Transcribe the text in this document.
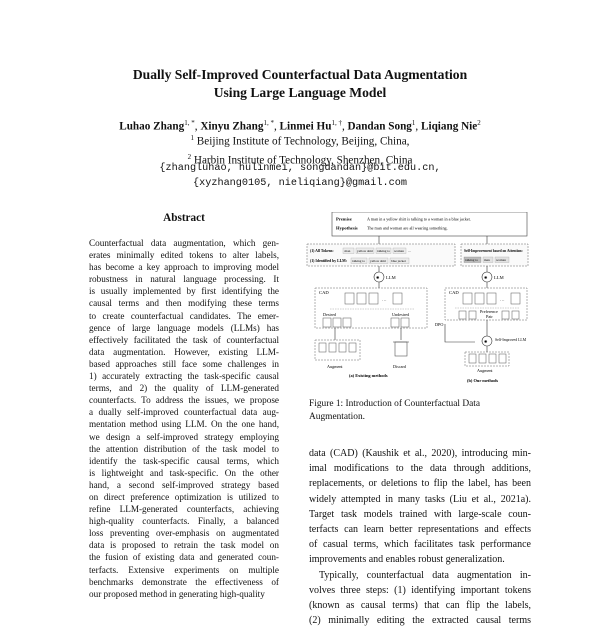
Dually Self-Improved Counterfactual Data Augmentation
Using Large Language Model
Luhao Zhang$^{1, *}$, Xinyu Zhang$^{1, *}$, Linmei $Hu^{1, \dagger}$, Dandan Song$^1$, Liqiang Nie$^2$
$^1$ Beijing Institute of Technology, Beijing, China,
$^2$ Harbin Institute of Technology, Shenzhen, China
{zhangluhao, hulinmei, songdandan}@bit.edu.cn,
{xyzhang0105, nieliqiang}@gmail.com
Abstract
Counterfactual data augmentation, which gen-
erates minimally edited tokens to alter labels,
has become a key approach to improving model
robustness in natural language processing. It
is usually implemented by first identifying the
causal terms and then modifying these terms
to create counterfactual candidates. The emer-
gence of large language models (LLMs) has
effectively facilitated the task of counterfactual
data augmentation. However, existing LLM-
based approaches still face some challenges in
1) accurately extracting the task-specific causal
terms, and 2) the quality of LLM-generated
counterfacts. To address the issues, we propose
a dually self-improved counterfactual data aug-
mentation method using LLM. On the one hand,
we design a self-improved strategy employing
the attention distribution of the task model to
identify the task-specific causal terms, which
is lightweight and task-specific. On the other
hand, a second self-improved strategy based
on direct preference optimization is utilized to
refine LLM-generated counterfacts, achieving
high-quality counterfacts. Finally, a balanced
loss preventing over-emphasis on augmentated
data is proposed to retrain the task model on
the fusion of existing data and generated coun-
terfacts. Extensive experiments on multiple
benchmarks demonstrate the effectiveness of
our proposed method in generating high-quality
Premise	A man in a yellow shirt is talking to a woman in a blue jacket.
Hypothesis The man and woman are all wearing something.
(1) All Tokens:	man yellow shirt talking to woman ...
(1) Identified by LLM: talking to yellow shirt blue jacket
Self-Improvement based on Attention:
talking to man woman
✺ LLM	✺ LLM
CAD
…
Desired	Undesired
Augment	Discard
(a) Existing methods
CAD
…
Preference
Pair
DPO
✺ Self-Improved LLM
Augment
(b) Our methods
Figure 1: Introduction of Counterfactual Data Augmentation.
data (CAD) (Kaushik et al., 2020), introducing min-
imal modifications to the data through additions,
replacements, or deletions to flip the label, has been
widely attempted in many tasks (Liu et al., 2021a).
Target task models trained with large-scale coun-
terfacts can learn better representations and effects
of casual terms, which facilitates task performance
improvements and enables robust generalization.
Typically, counterfactual data augmentation in-
volves three steps: (1) identifying important tokens
(known as causal terms) that can flip the labels,
(2) minimally editing the extracted causal terms
